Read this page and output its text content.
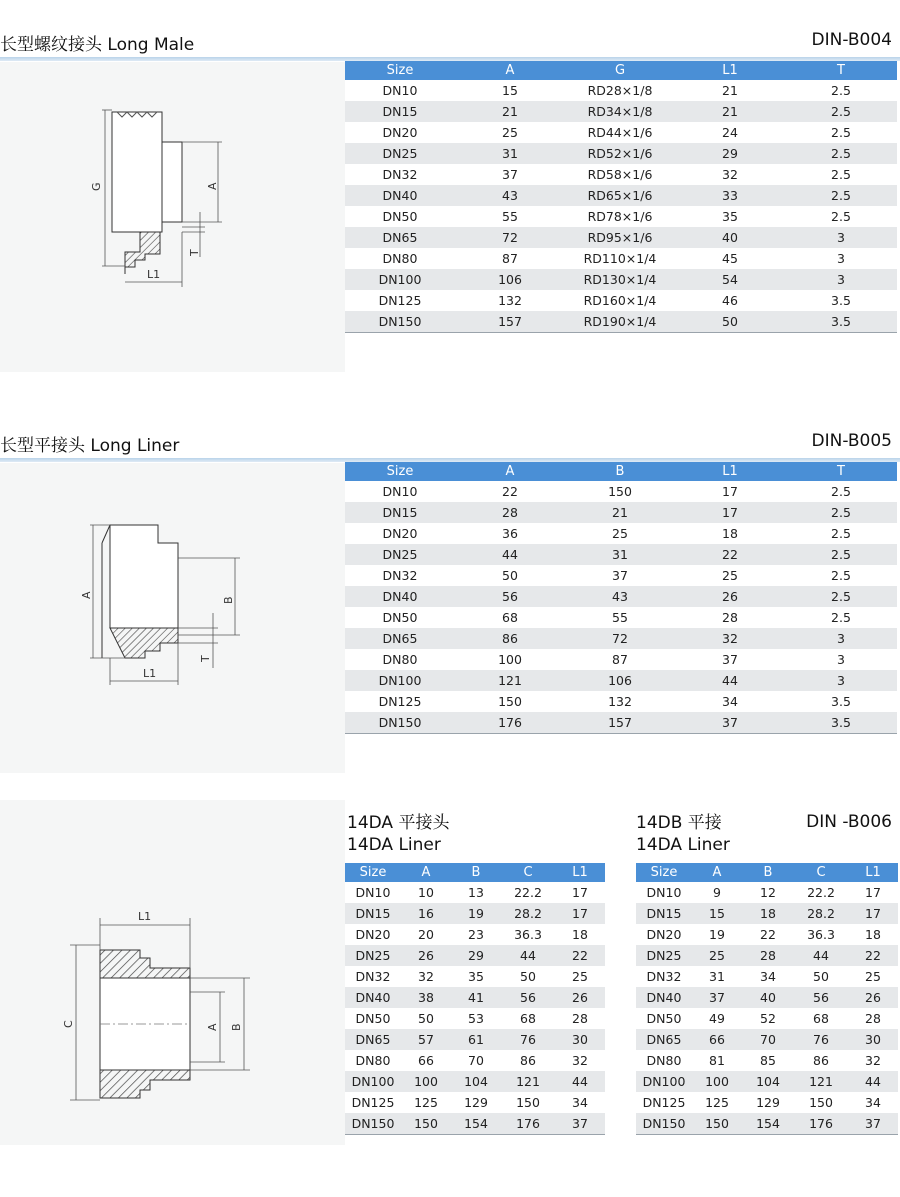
长型螺纹接头 Long Male	DIN-B004
G	A
T
L1
Size	A	G	L1	T
DN10	15	RD28×1/8	21	2.5
DN15	21	RD34×1/8	21	2.5
DN20	25	RD44×1/6	24	2.5
DN25	31	RD52×1/6	29	2.5
DN32	37	RD58×1/6	32	2.5
DN40	43	RD65×1/6	33	2.5
DN50	55	RD78×1/6	35	2.5
DN65	72	RD95×1/6	40	3
DN80	87	RD110×1/4	45	3
DN100	106	RD130×1/4	54	3
DN125	132	RD160×1/4	46	3.5
DN150	157	RD190×1/4	50	3.5
长型平接头 Long Liner	DIN-B005
A
B
T
L1
Size	A	B	L1	T
DN10	22	150	17	2.5
DN15	28	21	17	2.5
DN20	36	25	18	2.5
DN25	44	31	22	2.5
DN32	50	37	25	2.5
DN40	56	43	26	2.5
DN50	68	55	28	2.5
DN65	86	72	32	3
DN80	100	87	37	3
DN100	121	106	44	3
DN125	150	132	34	3.5
DN150	176	157	37	3.5
L1
C	A B
14DA 平接头
14DA Liner
14DB 平接
14DA Liner
DIN -B006
Size	A	B	C	L1
DN10	10	13	22.2	17
DN15	16	19	28.2	17
DN20	20	23	36.3	18
DN25	26	29	44	22
DN32	32	35	50	25
DN40	38	41	56	26
DN50	50	53	68	28
DN65	57	61	76	30
DN80	66	70	86	32
DN100	100	104	121	44
DN125	125	129	150	34
DN150	150	154	176	37
Size	A	B	C	L1
DN10	9	12	22.2	17
DN15	15	18	28.2	17
DN20	19	22	36.3	18
DN25	25	28	44	22
DN32	31	34	50	25
DN40	37	40	56	26
DN50	49	52	68	28
DN65	66	70	76	30
DN80	81	85	86	32
DN100	100	104	121	44
DN125	125	129	150	34
DN150	150	154	176	37
